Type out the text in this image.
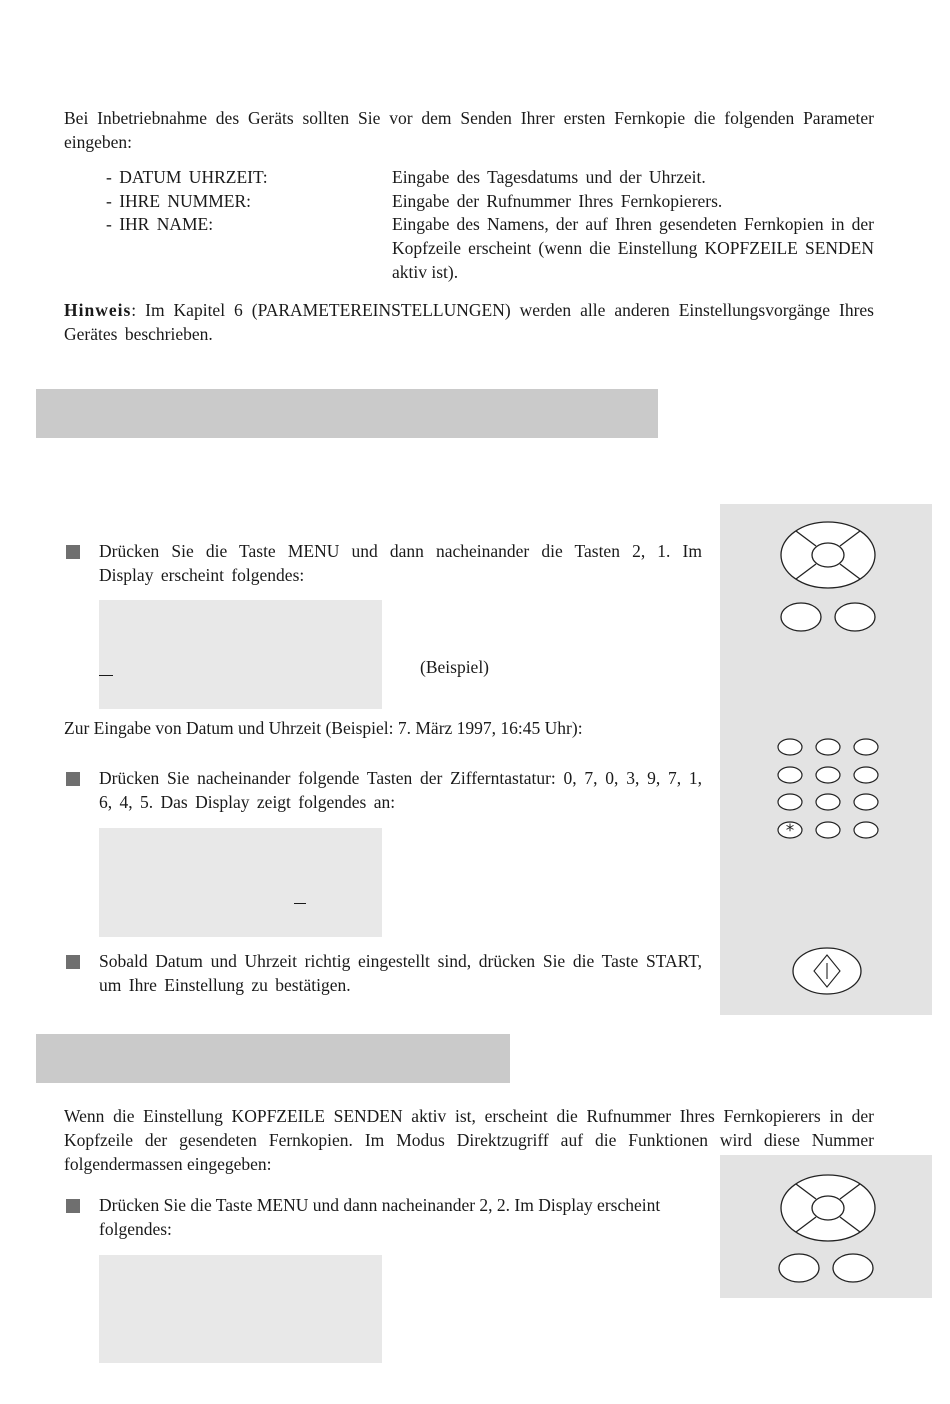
Bei Inbetriebnahme des Geräts sollten Sie vor dem Senden Ihrer ersten Fernkopie die folgenden Parameter eingeben:
- DATUM UHRZEIT:	Eingabe des Tagesdatums und der Uhrzeit.
- IHRE NUMMER:	Eingabe der Rufnummer Ihres Fernkopierers.
- IHR NAME:	Eingabe des Namens, der auf Ihren gesendeten Fernkopien in der Kopfzeile erscheint (wenn die Einstellung KOPFZEILE SENDEN aktiv ist).
Hinweis: Im Kapitel 6 (PARAMETEREINSTELLUNGEN) werden alle anderen Einstellungsvorgänge Ihres Gerätes beschrieben.
*
Drücken Sie die Taste MENU und dann nacheinander die Tasten 2, 1. Im Display erscheint folgendes:
(Beispiel)
Zur Eingabe von Datum und Uhrzeit (Beispiel: 7. März 1997, 16:45 Uhr):
Drücken Sie nacheinander folgende Tasten der Zifferntastatur: 0, 7, 0, 3, 9, 7, 1, 6, 4, 5. Das Display zeigt folgendes an:
Sobald Datum und Uhrzeit richtig eingestellt sind, drücken Sie die Taste START, um Ihre Einstellung zu bestätigen.
Wenn die Einstellung KOPFZEILE SENDEN aktiv ist, erscheint die Rufnummer Ihres Fernkopierers in der Kopfzeile der gesendeten Fernkopien. Im Modus Direktzugriff auf die Funktionen wird diese Nummer folgendermassen eingegeben:
Drücken Sie die Taste MENU und dann nacheinander 2, 2. Im Display erscheint folgendes:
